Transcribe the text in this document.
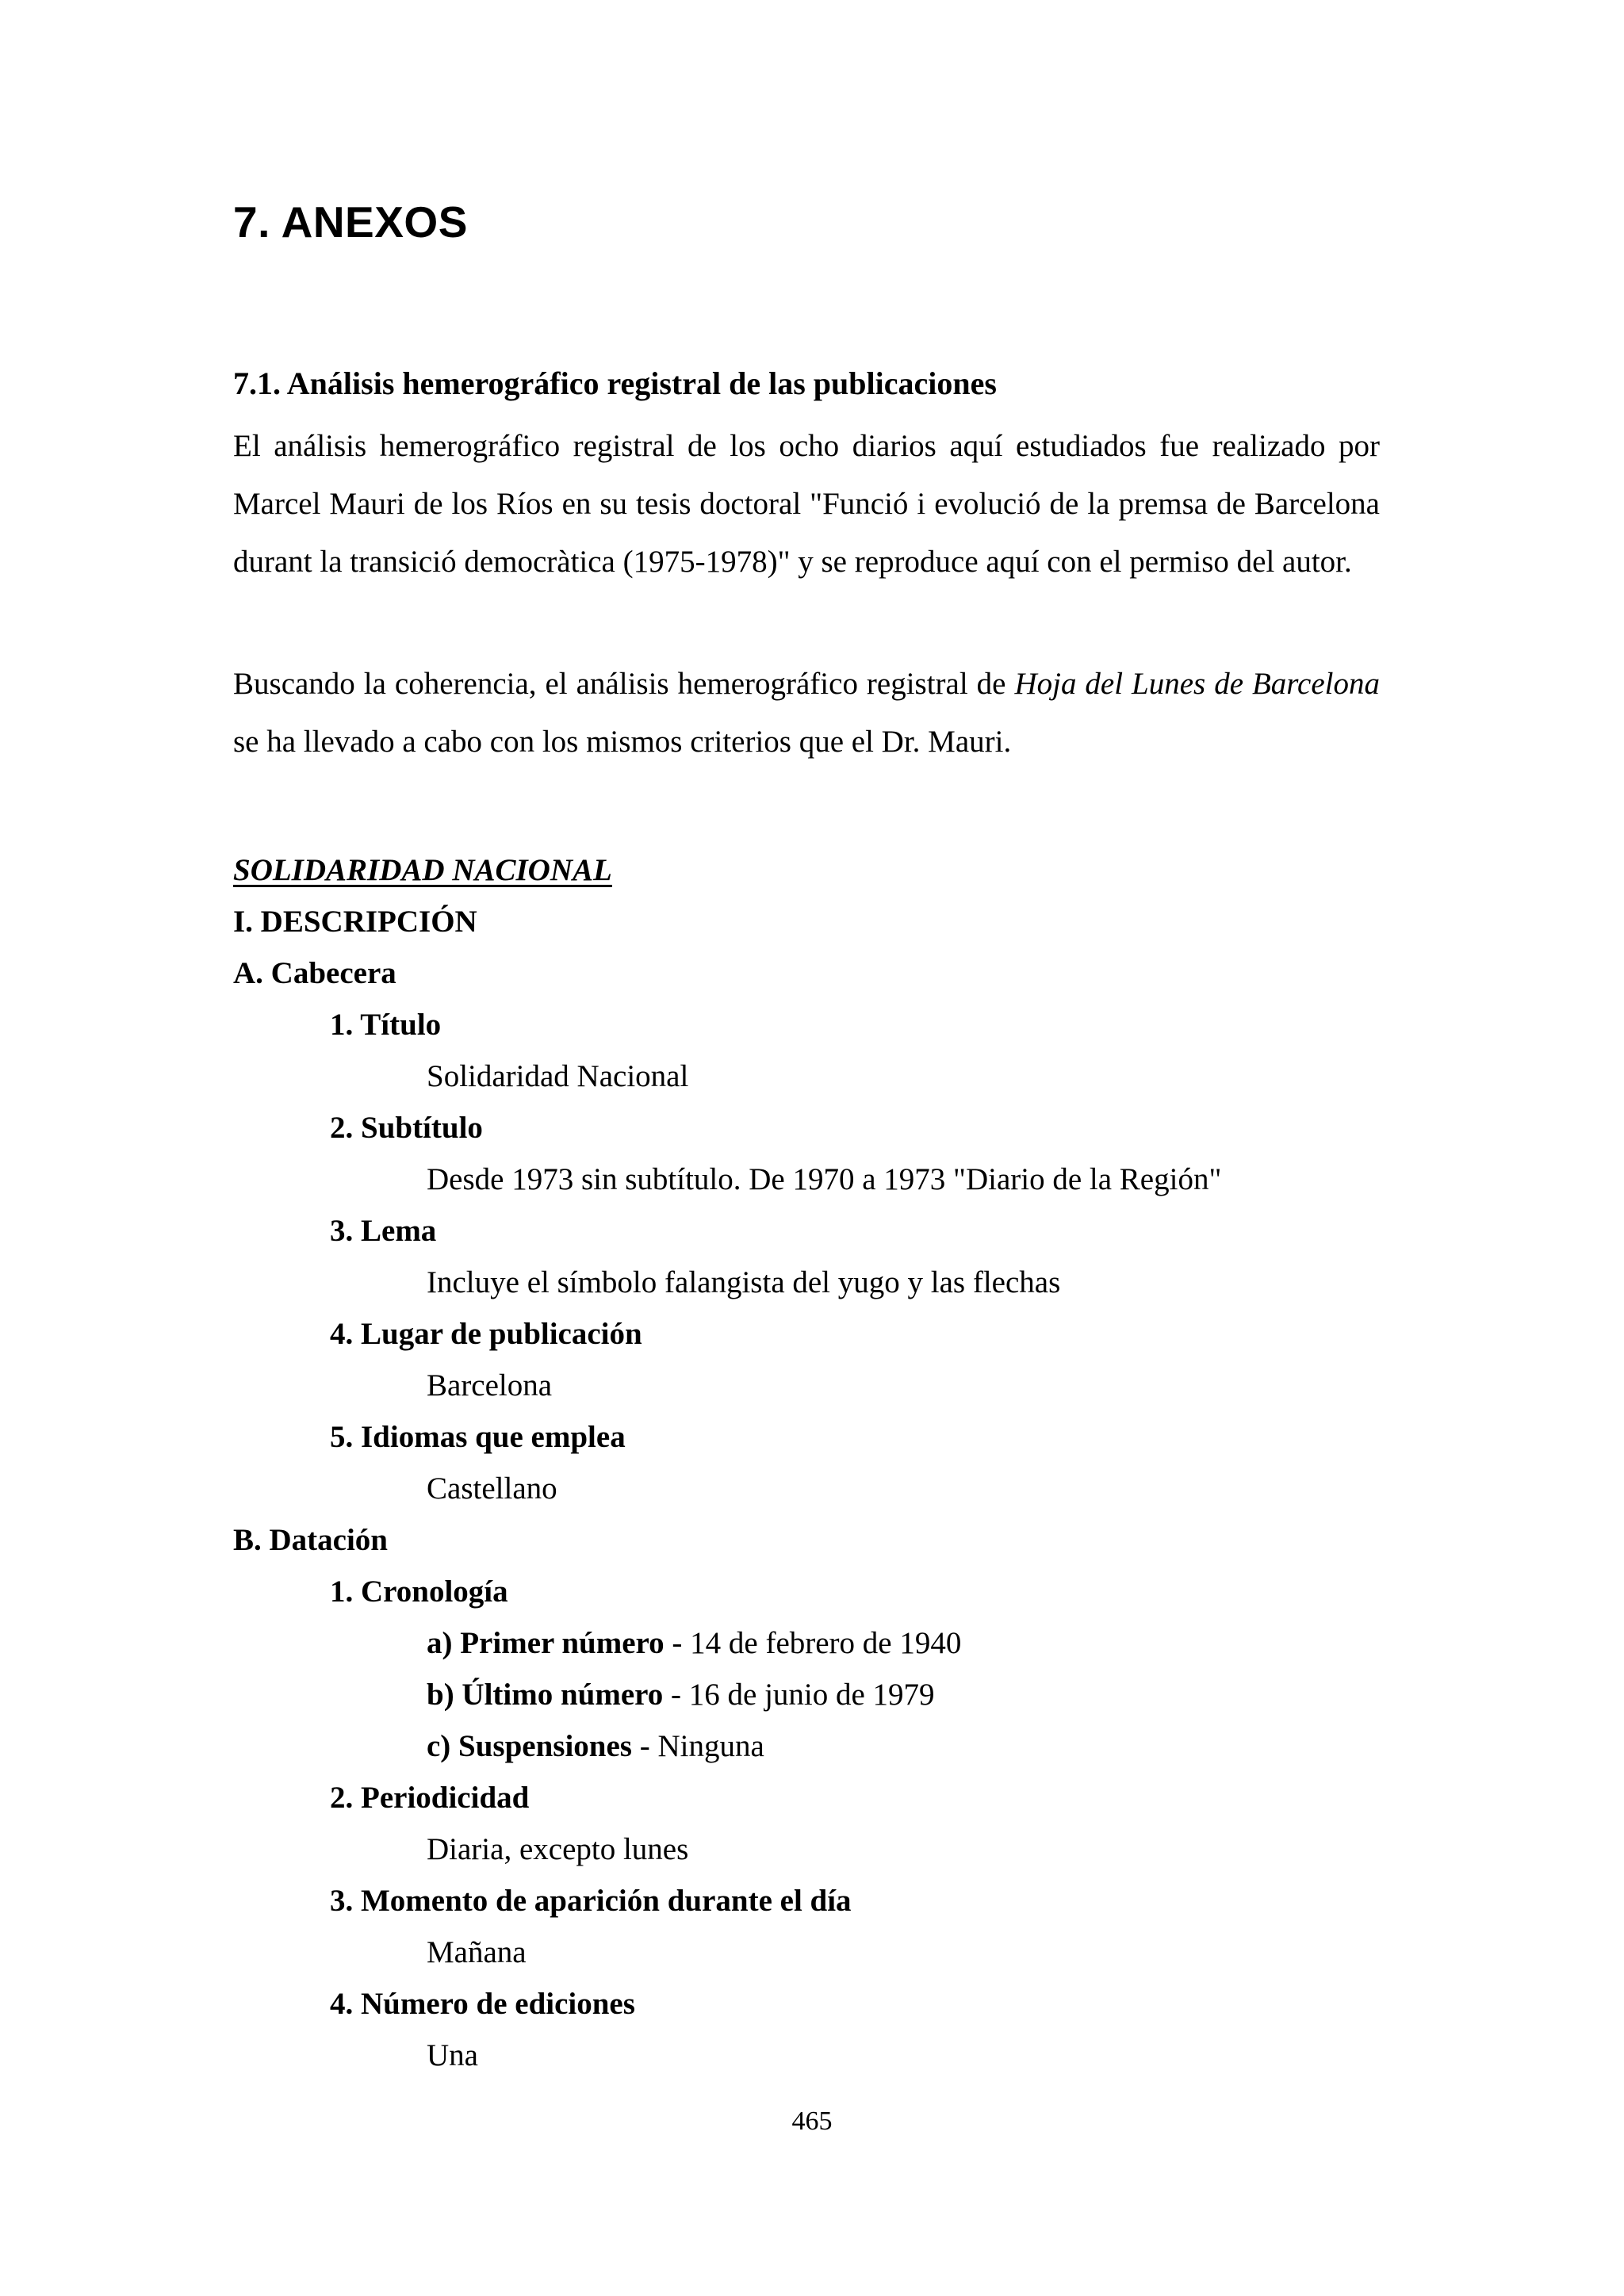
7. ANEXOS
7.1. Análisis hemerográfico registral de las publicaciones

El análisis hemerográfico registral de los ocho diarios aquí estudiados fue realizado por Marcel Mauri de los Ríos en su tesis doctoral "Funció i evolució de la premsa de Barcelona durant la transició democràtica (1975-1978)" y se reproduce aquí con el permiso del autor.

Buscando la coherencia, el análisis hemerográfico registral de Hoja del Lunes de Barcelona se ha llevado a cabo con los mismos criterios que el Dr. Mauri.

SOLIDARIDAD NACIONAL
I. DESCRIPCIÓN
A. Cabecera
1. Título
Solidaridad Nacional
2. Subtítulo
Desde 1973 sin subtítulo. De 1970 a 1973 "Diario de la Región"
3. Lema
Incluye el símbolo falangista del yugo y las flechas
4. Lugar de publicación
Barcelona
5. Idiomas que emplea
Castellano
B. Datación
1. Cronología
a) Primer número - 14 de febrero de 1940
b) Último número - 16 de junio de 1979
c) Suspensiones - Ninguna
2. Periodicidad
Diaria, excepto lunes
3. Momento de aparición durante el día
Mañana
4. Número de ediciones
Una
465
